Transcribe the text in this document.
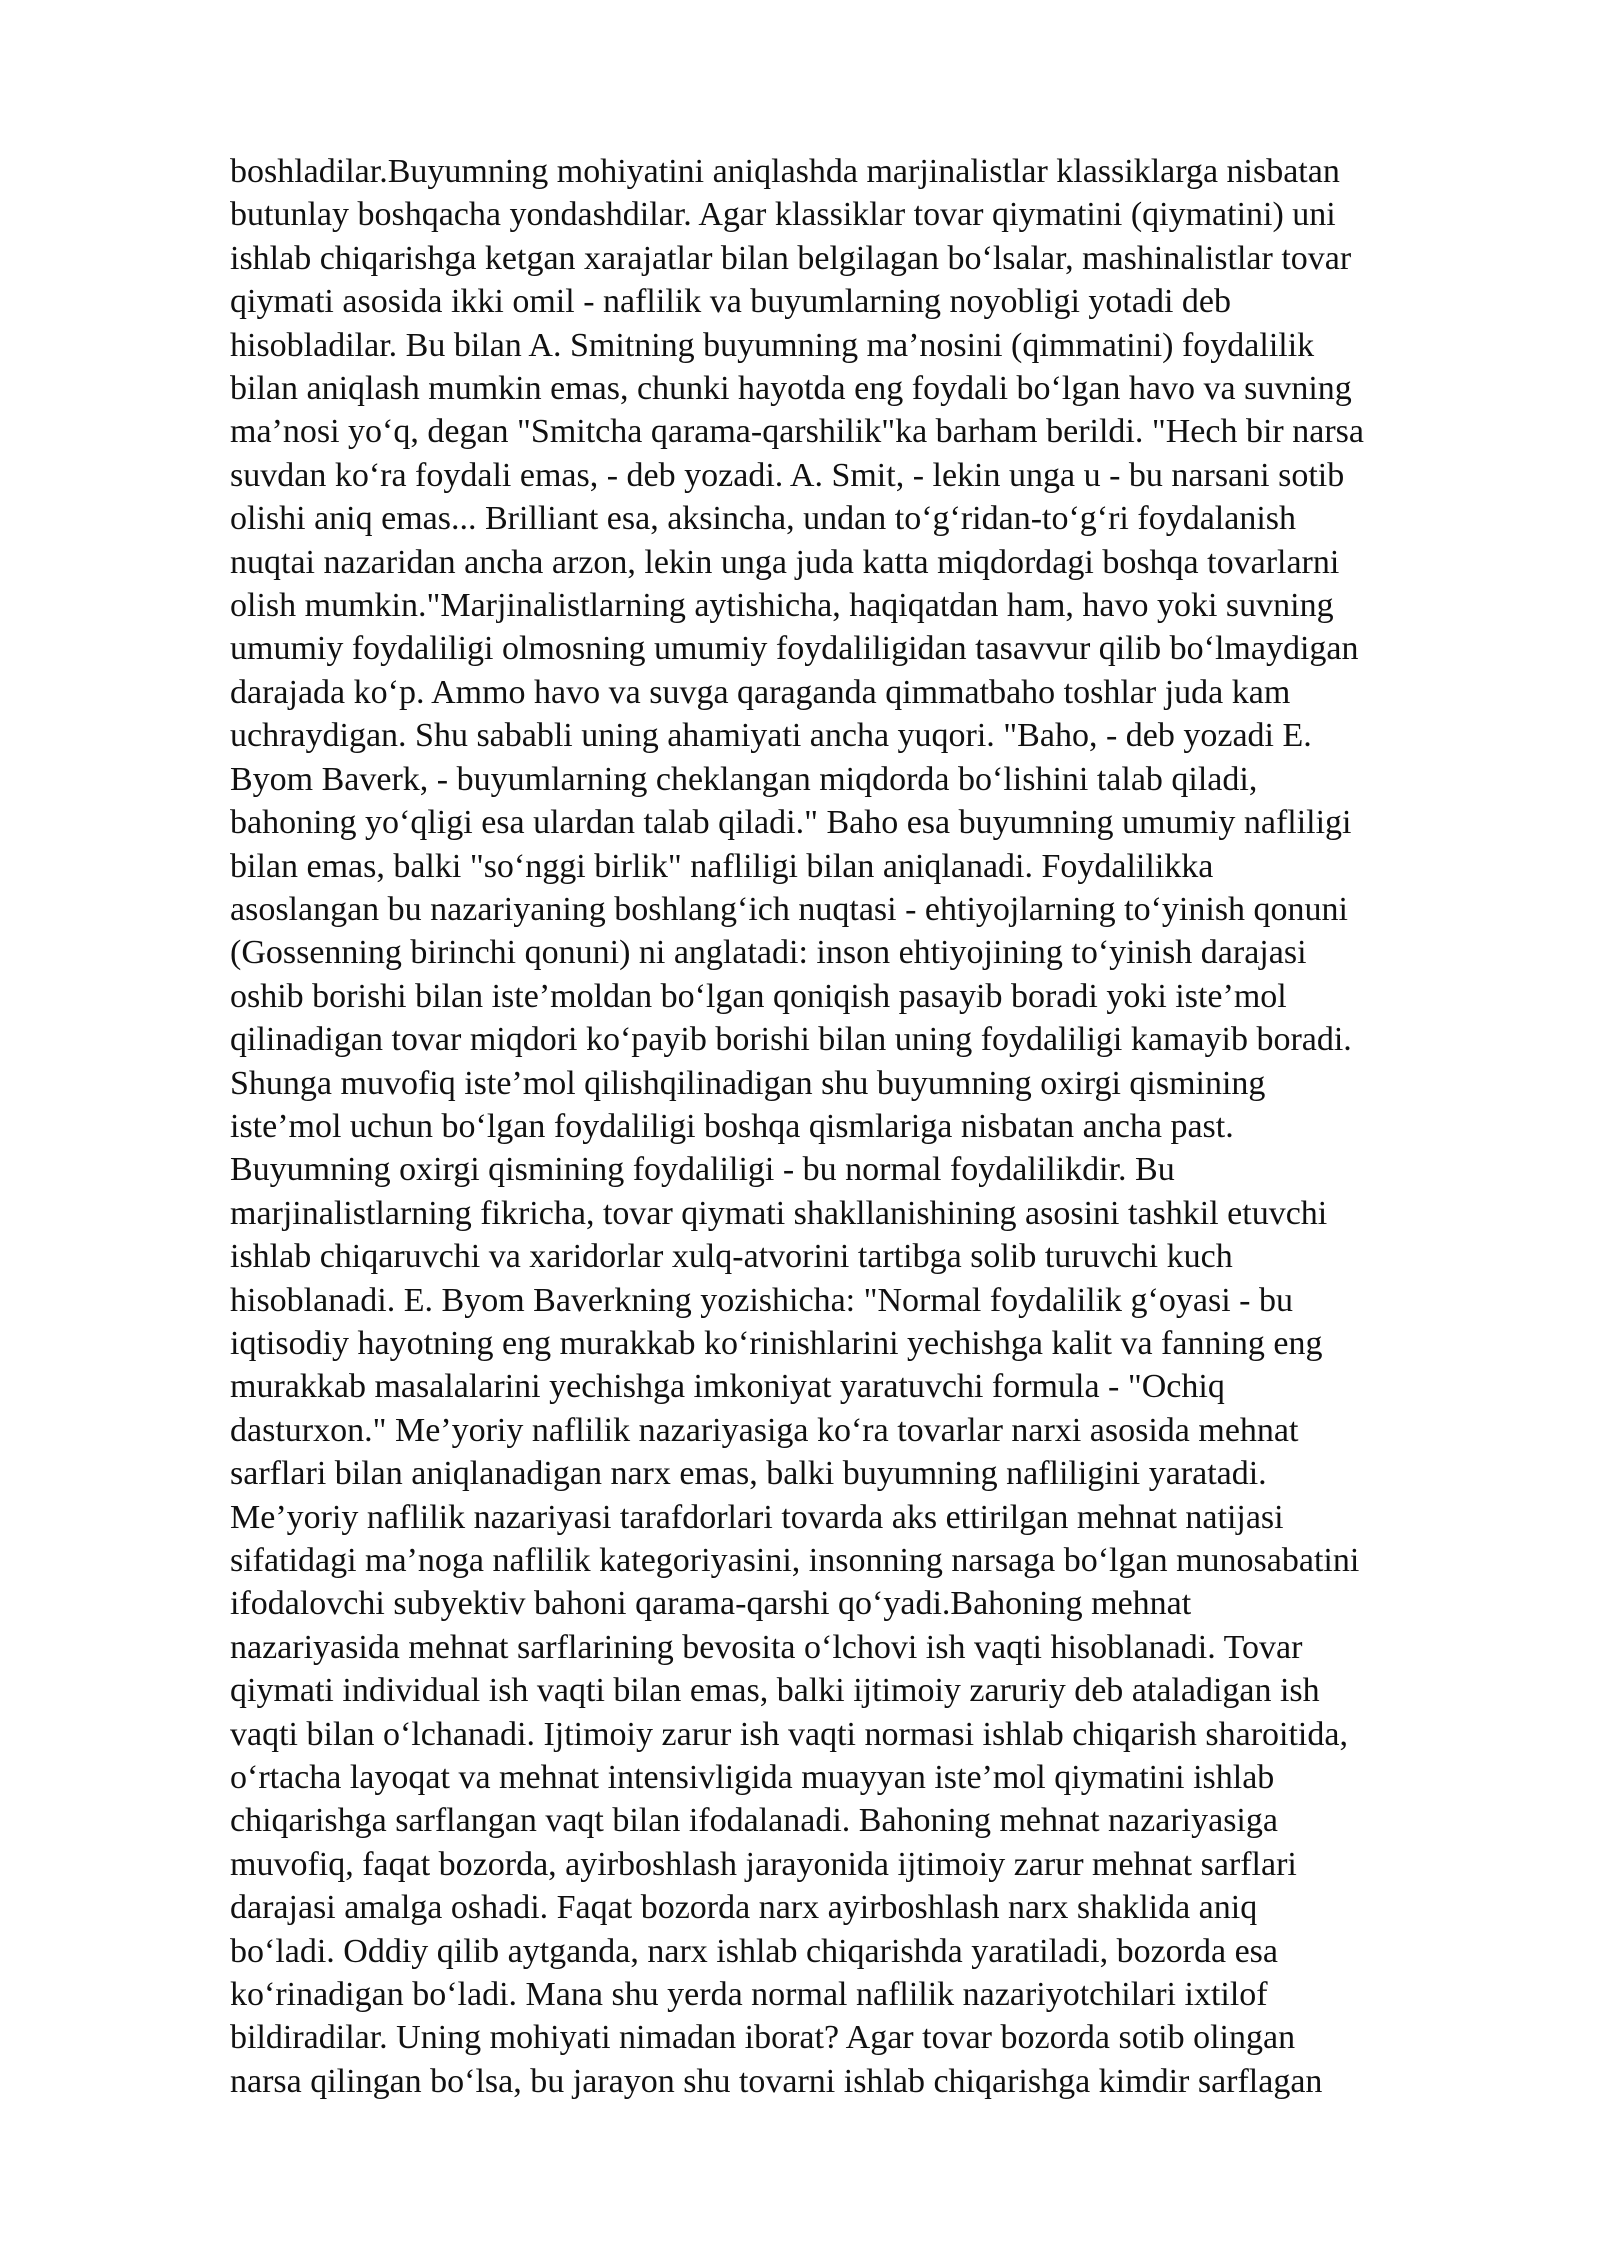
boshladilar.Buyumning mohiyatini aniqlashda marjinalistlar klassiklarga nisbatan
butunlay boshqacha yondashdilar. Agar klassiklar tovar qiymatini (qiymatini) uni
ishlab chiqarishga ketgan xarajatlar bilan belgilagan bo‘lsalar, mashinalistlar tovar
qiymati asosida ikki omil - naflilik va buyumlarning noyobligi yotadi deb
hisobladilar. Bu bilan A. Smitning buyumning ma’nosini (qimmatini) foydalilik
bilan aniqlash mumkin emas, chunki hayotda eng foydali bo‘lgan havo va suvning
ma’nosi yo‘q, degan "Smitcha qarama-qarshilik"ka barham berildi. "Hech bir narsa
suvdan ko‘ra foydali emas, - deb yozadi. A. Smit, - lekin unga u - bu narsani sotib
olishi aniq emas... Brilliant esa, aksincha, undan to‘g‘ridan-to‘g‘ri foydalanish
nuqtai nazaridan ancha arzon, lekin unga juda katta miqdordagi boshqa tovarlarni
olish mumkin."Marjinalistlarning aytishicha, haqiqatdan ham, havo yoki suvning
umumiy foydaliligi olmosning umumiy foydaliligidan tasavvur qilib bo‘lmaydigan
darajada ko‘p. Ammo havo va suvga qaraganda qimmatbaho toshlar juda kam
uchraydigan. Shu sababli uning ahamiyati ancha yuqori. "Baho, - deb yozadi E.
Byom Baverk, - buyumlarning cheklangan miqdorda bo‘lishini talab qiladi,
bahoning yo‘qligi esa ulardan talab qiladi." Baho esa buyumning umumiy nafliligi
bilan emas, balki "so‘nggi birlik" nafliligi bilan aniqlanadi. Foydalilikka
asoslangan bu nazariyaning boshlang‘ich nuqtasi - ehtiyojlarning to‘yinish qonuni
(Gossenning birinchi qonuni) ni anglatadi: inson ehtiyojining to‘yinish darajasi
oshib borishi bilan iste’moldan bo‘lgan qoniqish pasayib boradi yoki iste’mol
qilinadigan tovar miqdori ko‘payib borishi bilan uning foydaliligi kamayib boradi.
Shunga muvofiq iste’mol qilishqilinadigan shu buyumning oxirgi qismining
iste’mol uchun bo‘lgan foydaliligi boshqa qismlariga nisbatan ancha past.
Buyumning oxirgi qismining foydaliligi - bu normal foydalilikdir. Bu
marjinalistlarning fikricha, tovar qiymati shakllanishining asosini tashkil etuvchi
ishlab chiqaruvchi va xaridorlar xulq-atvorini tartibga solib turuvchi kuch
hisoblanadi. E. Byom Baverkning yozishicha: "Normal foydalilik g‘oyasi - bu
iqtisodiy hayotning eng murakkab ko‘rinishlarini yechishga kalit va fanning eng
murakkab masalalarini yechishga imkoniyat yaratuvchi formula - "Ochiq
dasturxon." Me’yoriy naflilik nazariyasiga ko‘ra tovarlar narxi asosida mehnat
sarflari bilan aniqlanadigan narx emas, balki buyumning nafliligini yaratadi.
Me’yoriy naflilik nazariyasi tarafdorlari tovarda aks ettirilgan mehnat natijasi
sifatidagi ma’noga naflilik kategoriyasini, insonning narsaga bo‘lgan munosabatini
ifodalovchi subyektiv bahoni qarama-qarshi qo‘yadi.Bahoning mehnat
nazariyasida mehnat sarflarining bevosita o‘lchovi ish vaqti hisoblanadi. Tovar
qiymati individual ish vaqti bilan emas, balki ijtimoiy zaruriy deb ataladigan ish
vaqti bilan o‘lchanadi. Ijtimoiy zarur ish vaqti normasi ishlab chiqarish sharoitida,
o‘rtacha layoqat va mehnat intensivligida muayyan iste’mol qiymatini ishlab
chiqarishga sarflangan vaqt bilan ifodalanadi. Bahoning mehnat nazariyasiga
muvofiq, faqat bozorda, ayirboshlash jarayonida ijtimoiy zarur mehnat sarflari
darajasi amalga oshadi. Faqat bozorda narx ayirboshlash narx shaklida aniq
bo‘ladi. Oddiy qilib aytganda, narx ishlab chiqarishda yaratiladi, bozorda esa
ko‘rinadigan bo‘ladi. Mana shu yerda normal naflilik nazariyotchilari ixtilof
bildiradilar. Uning mohiyati nimadan iborat? Agar tovar bozorda sotib olingan
narsa qilingan bo‘lsa, bu jarayon shu tovarni ishlab chiqarishga kimdir sarflagan
